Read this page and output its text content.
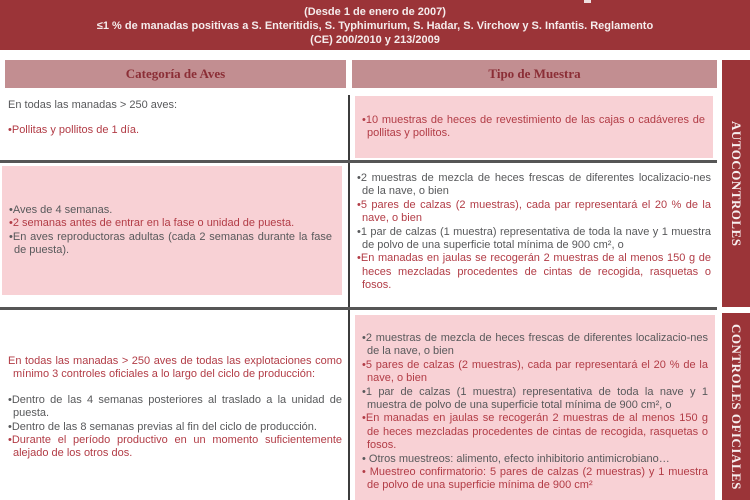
(Desde 1 de enero de 2007)
≤1 % de manadas positivas a S. Enteritidis, S. Typhimurium, S. Hadar, S. Virchow y S. Infantis. Reglamento
(CE) 200/2010 y 213/2009
Categoría de Aves	Tipo de Muestra
AUTOCONTROLES
CONTROLES OFICIALES

En todas las manadas > 250 aves:

•Pollitas y pollitos de 1 día.

•10 muestras de heces de revestimiento de las cajas o cadáveres de pollitas y pollitos.

•Aves de 4 semanas.

•2 semanas antes de entrar en la fase o unidad de puesta.

•En aves reproductoras adultas (cada 2 semanas durante la fase de puesta).

•2 muestras de mezcla de heces frescas de diferentes localizacio-nes de la nave, o bien

•5 pares de calzas (2 muestras), cada par representará el 20 % de la nave, o bien

•1 par de calzas (1 muestra) representativa de toda la nave y 1 muestra de polvo de una superficie total mínima de 900 cm², o

•En manadas en jaulas se recogerán 2 muestras de al menos 150 g de heces mezcladas procedentes de cintas de recogida, rasquetas o fosos.

En todas las manadas > 250 aves de todas las explotaciones como mínimo 3 controles oficiales a lo largo del ciclo de producción:

•Dentro de las 4 semanas posteriores al traslado a la unidad de puesta.

•Dentro de las 8 semanas previas al fin del ciclo de producción.

•Durante el período productivo en un momento suficientemente alejado de los otros dos.

•2 muestras de mezcla de heces frescas de diferentes localizacio-nes de la nave, o bien

•5 pares de calzas (2 muestras), cada par representará el 20 % de la nave, o bien

•1 par de calzas (1 muestra) representativa de toda la nave y 1 muestra de polvo de una superficie total mínima de 900 cm², o

•En manadas en jaulas se recogerán 2 muestras de al menos 150 g de heces mezcladas procedentes de cintas de recogida, rasquetas o fosos.

• Otros muestreos: alimento, efecto inhibitorio antimicrobiano…

• Muestreo confirmatorio: 5 pares de calzas (2 muestras) y 1 muestra de polvo de una superficie mínima de 900 cm²
